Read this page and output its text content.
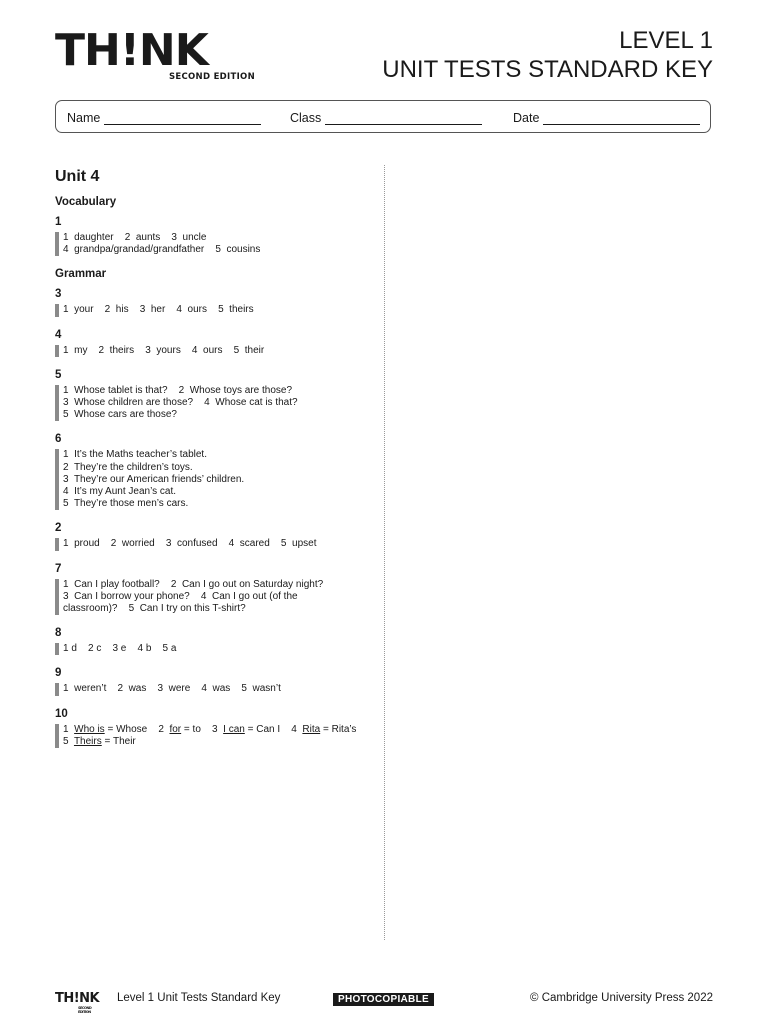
TH!NK
SECOND EDITION
LEVEL 1
UNIT TESTS STANDARD KEY
Name	Class	Date
Unit 4
Vocabulary
1
1  daughter    2  aunts    3  uncle
4  grandpa/grandad/grandfather    5  cousins
Grammar
3
1  your    2  his    3  her    4  ours    5  theirs
4
1  my    2  theirs    3  yours    4  ours    5  their
5
1  Whose tablet is that?    2  Whose toys are those?
3  Whose children are those?    4  Whose cat is that?
5  Whose cars are those?
6
1  It’s the Maths teacher’s tablet.
2  They’re the children’s toys.
3  They’re our American friends’ children.
4  It’s my Aunt Jean’s cat.
5  They’re those men’s cars.
2
1  proud    2  worried    3  confused    4  scared    5  upset
7
1  Can I play football?    2  Can I go out on Saturday night?
3  Can I borrow your phone?    4  Can I go out (of the
classroom)?    5  Can I try on this T-shirt?
8
1 d    2 c    3 e    4 b    5 a
9
1  weren’t    2  was    3  were    4  was    5  wasn’t
10
1 Who is = Whose 2 for = to 3 I can = Can I 4 Rita = Rita’s
5 Theirs = Their
TH!NK
SECOND EDITION
Level 1 Unit Tests Standard Key	PHOTOCOPIABLE	© Cambridge University Press 2022
